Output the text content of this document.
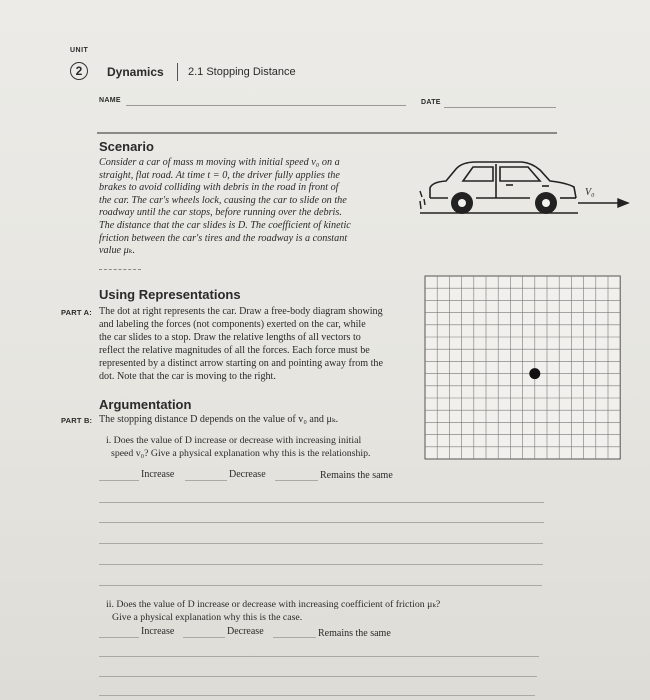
UNIT
2 Dynamics 2.1 Stopping Distance
NAME	DATE
Scenario
Consider a car of mass m moving with initial speed v₀ on a
straight, flat road. At time t = 0, the driver fully applies the
brakes to avoid colliding with debris in the road in front of
the car. The car's wheels lock, causing the car to slide on the
roadway until the car stops, before running over the debris.
The distance that the car slides is D. The coefficient of kinetic
friction between the car's tires and the roadway is a constant
value μₖ.
V₀
Using Representations
PART A: The dot at right represents the car. Draw a free-body diagram showing
and labeling the forces (not components) exerted on the car, while
the car slides to a stop. Draw the relative lengths of all vectors to
reflect the relative magnitudes of all the forces. Each force must be
represented by a distinct arrow starting on and pointing away from the
dot. Note that the car is moving to the right.
Argumentation
PART B: The stopping distance D depends on the value of v₀ and μₖ.
i. Does the value of D increase or decrease with increasing initial
speed v₀? Give a physical explanation why this is the relationship.
Increase	Decrease	Remains the same
ii. Does the value of D increase or decrease with increasing coefficient of friction μₖ?
Give a physical explanation why this is the case.
Increase	Decrease	Remains the same
